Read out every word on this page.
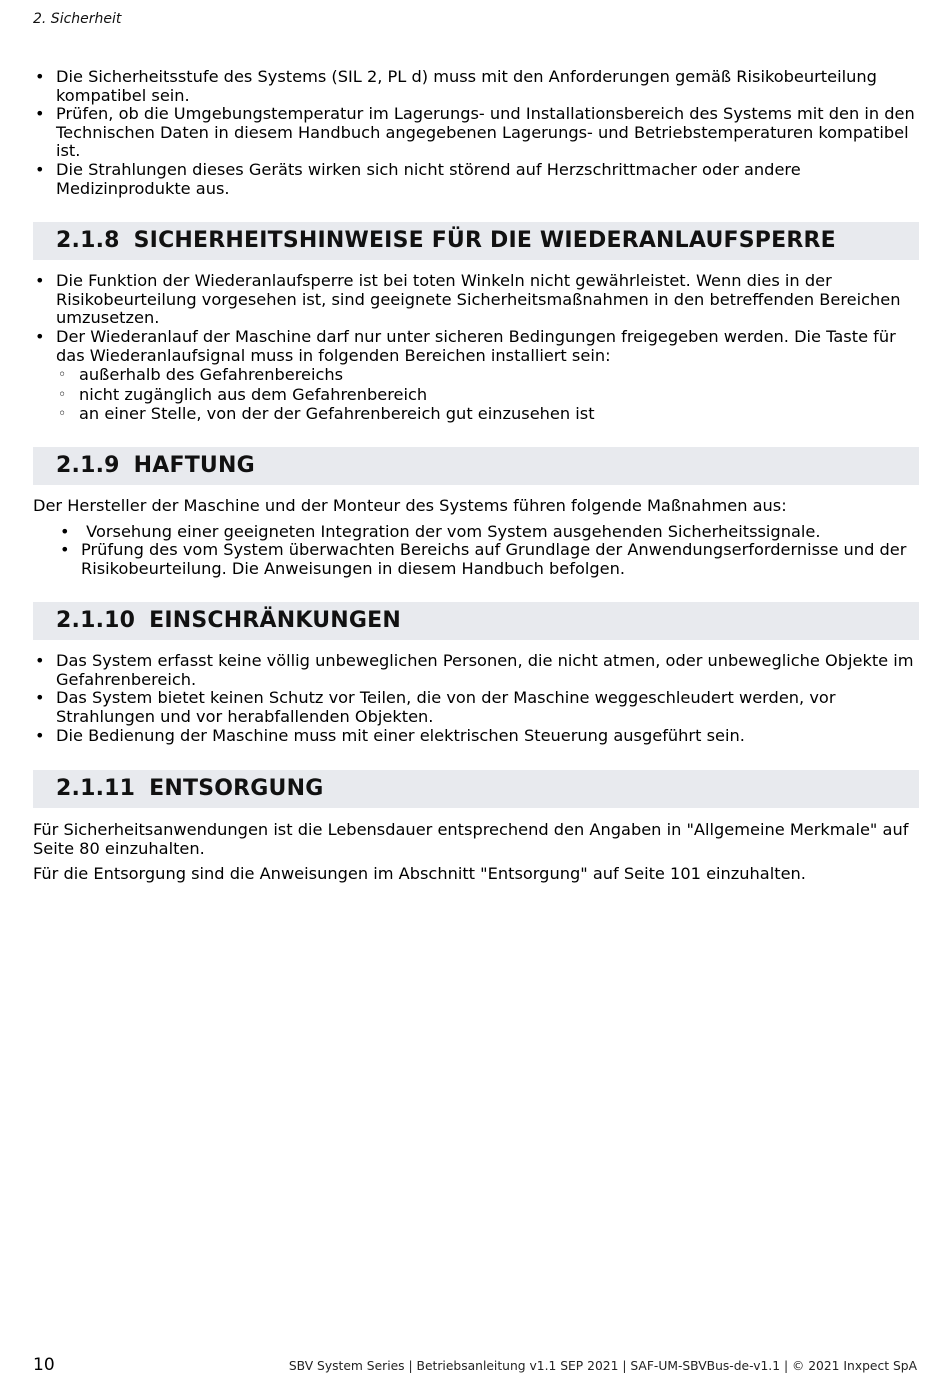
2. Sicherheit
• Die Sicherheitsstufe des Systems (SIL 2, PL d) muss mit den Anforderungen gemäß Risikobeurteilung kompatibel sein.
• Prüfen, ob die Umgebungstemperatur im Lagerungs- und Installationsbereich des Systems mit den in den Technischen Daten in diesem Handbuch angegebenen Lagerungs- und Betriebstemperaturen kompatibel ist.
• Die Strahlungen dieses Geräts wirken sich nicht störend auf Herzschrittmacher oder andere Medizinprodukte aus.
2.1.8 SICHERHEITSHINWEISE FÜR DIE WIEDERANLAUFSPERRE
• Die Funktion der Wiederanlaufsperre ist bei toten Winkeln nicht gewährleistet. Wenn dies in der Risikobeurteilung vorgesehen ist, sind geeignete Sicherheitsmaßnahmen in den betreffenden Bereichen umzusetzen.
• Der Wiederanlauf der Maschine darf nur unter sicheren Bedingungen freigegeben werden. Die Taste für das Wiederanlaufsignal muss in folgenden Bereichen installiert sein:
◦ außerhalb des Gefahrenbereichs
◦ nicht zugänglich aus dem Gefahrenbereich
◦ an einer Stelle, von der der Gefahrenbereich gut einzusehen ist
2.1.9 HAFTUNG

Der Hersteller der Maschine und der Monteur des Systems führen folgende Maßnahmen aus:

•  Vorsehung einer geeigneten Integration der vom System ausgehenden Sicherheitssignale.
• Prüfung des vom System überwachten Bereichs auf Grundlage der Anwendungserfordernisse und der Risikobeurteilung. Die Anweisungen in diesem Handbuch befolgen.
2.1.10 EINSCHRÄNKUNGEN
• Das System erfasst keine völlig unbeweglichen Personen, die nicht atmen, oder unbewegliche Objekte im Gefahrenbereich.
• Das System bietet keinen Schutz vor Teilen, die von der Maschine weggeschleudert werden, vor Strahlungen und vor herabfallenden Objekten.
• Die Bedienung der Maschine muss mit einer elektrischen Steuerung ausgeführt sein.
2.1.11 ENTSORGUNG

Für Sicherheitsanwendungen ist die Lebensdauer entsprechend den Angaben in "Allgemeine Merkmale" auf Seite 80 einzuhalten.

Für die Entsorgung sind die Anweisungen im Abschnitt "Entsorgung" auf Seite 101 einzuhalten.

10	SBV System Series | Betriebsanleitung v1.1 SEP 2021 | SAF-UM-SBVBus-de-v1.1 | © 2021 Inxpect SpA
